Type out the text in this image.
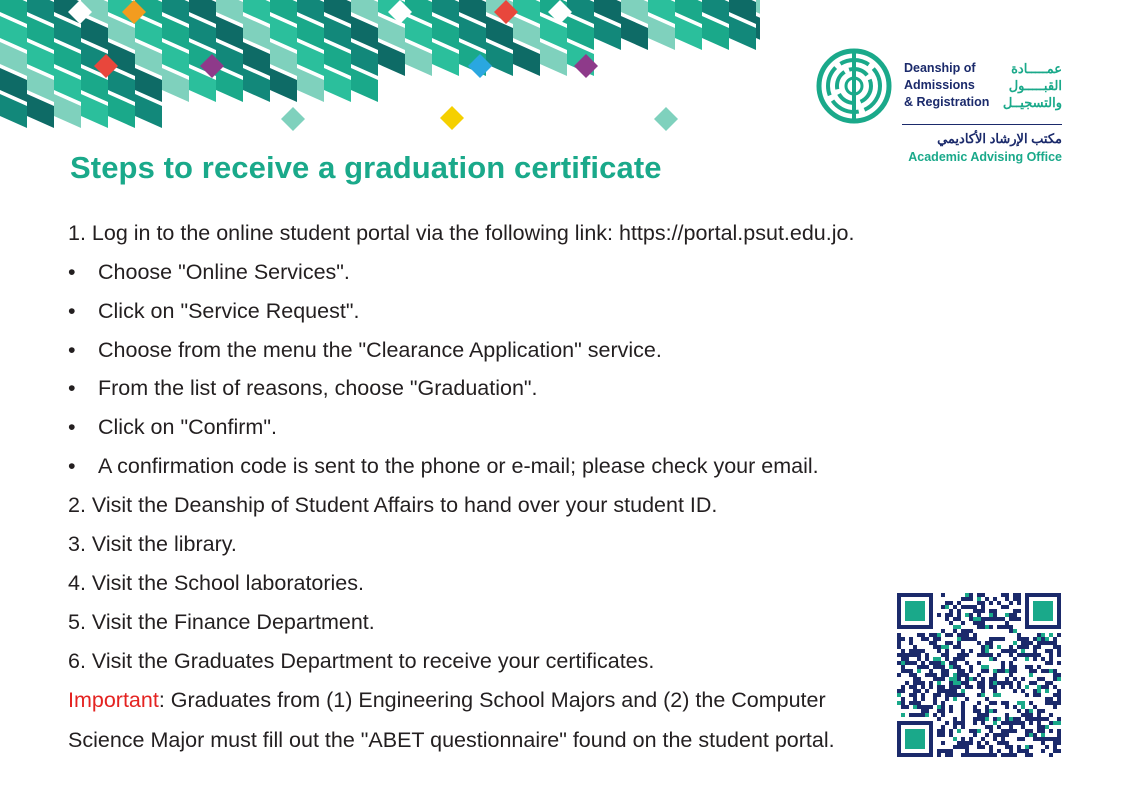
Deanship of
Admissions
& Registration
عمـــــادة
القبـــــول
والتسجيــل
مكتب الإرشاد الأكاديمي
Academic Advising Office
Steps to receive a graduation certificate
1. Log in to the online student portal via the following link: https://portal.psut.edu.jo.
• Choose "Online Services".
• Click on "Service Request".
• Choose from the menu the "Clearance Application" service.
• From the list of reasons, choose "Graduation".
• Click on "Confirm".
• A confirmation code is sent to the phone or e-mail; please check your email.
2. Visit the Deanship of Student Affairs to hand over your student ID.
3. Visit the library.
4. Visit the School laboratories.
5. Visit the Finance Department.
6. Visit the Graduates Department to receive your certificates.
Important: Graduates from (1) Engineering School Majors and (2) the Computer
Science Major must fill out the "ABET questionnaire" found on the student portal.
